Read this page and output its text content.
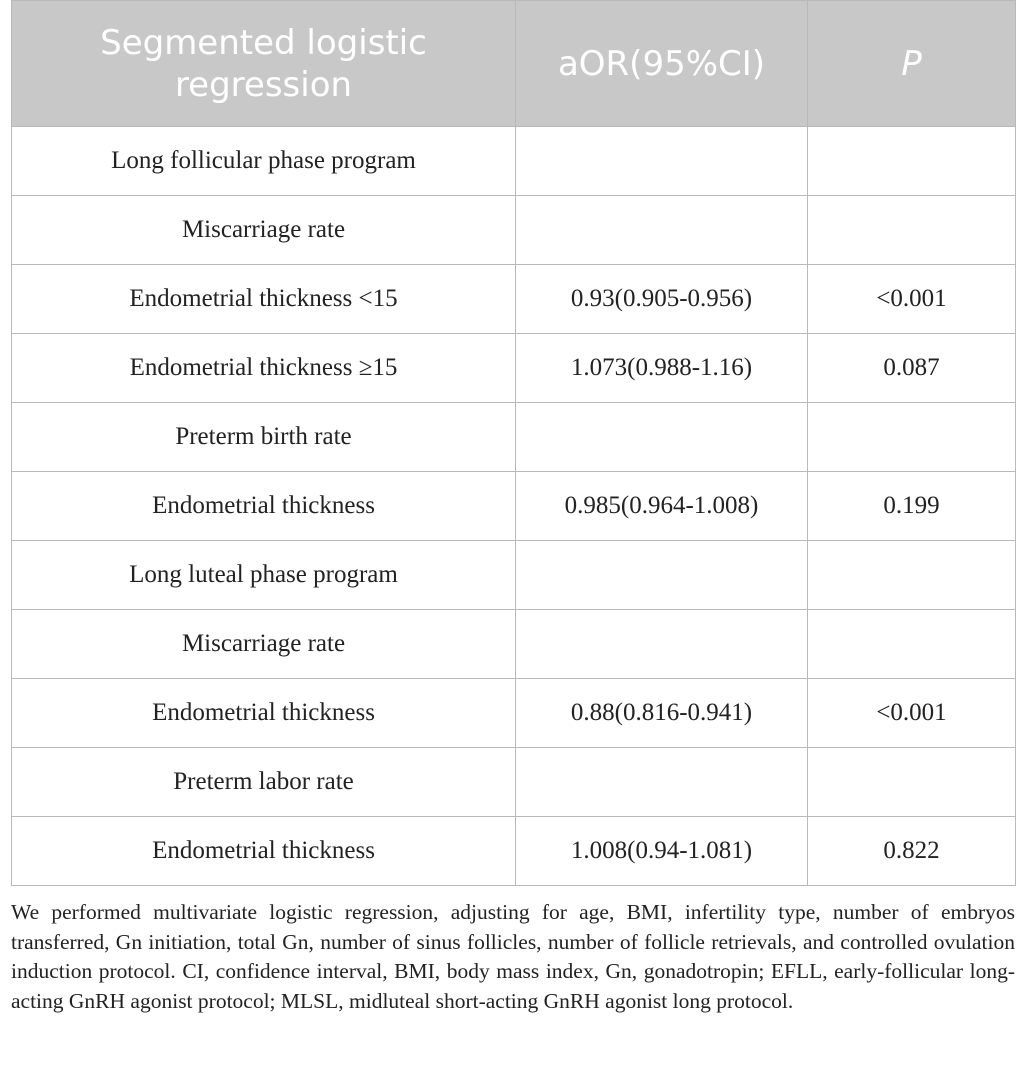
Segmented logistic regression	aOR(95%CI)	P
Long follicular phase program		
Miscarriage rate		
Endometrial thickness <15	0.93(0.905-0.956)	<0.001
Endometrial thickness ≥15	1.073(0.988-1.16)	0.087
Preterm birth rate		
Endometrial thickness	0.985(0.964-1.008)	0.199
Long luteal phase program		
Miscarriage rate		
Endometrial thickness	0.88(0.816-0.941)	<0.001
Preterm labor rate		
Endometrial thickness	1.008(0.94-1.081)	0.822
We performed multivariate logistic regression, adjusting for age, BMI, infertility type, number of embryos transferred, Gn initiation, total Gn, number of sinus follicles, number of follicle retrievals, and controlled ovulation induction protocol. CI, confidence interval, BMI, body mass index, Gn, gonadotropin; EFLL, early-follicular long-acting GnRH agonist protocol; MLSL, midluteal short-acting GnRH agonist long protocol.
